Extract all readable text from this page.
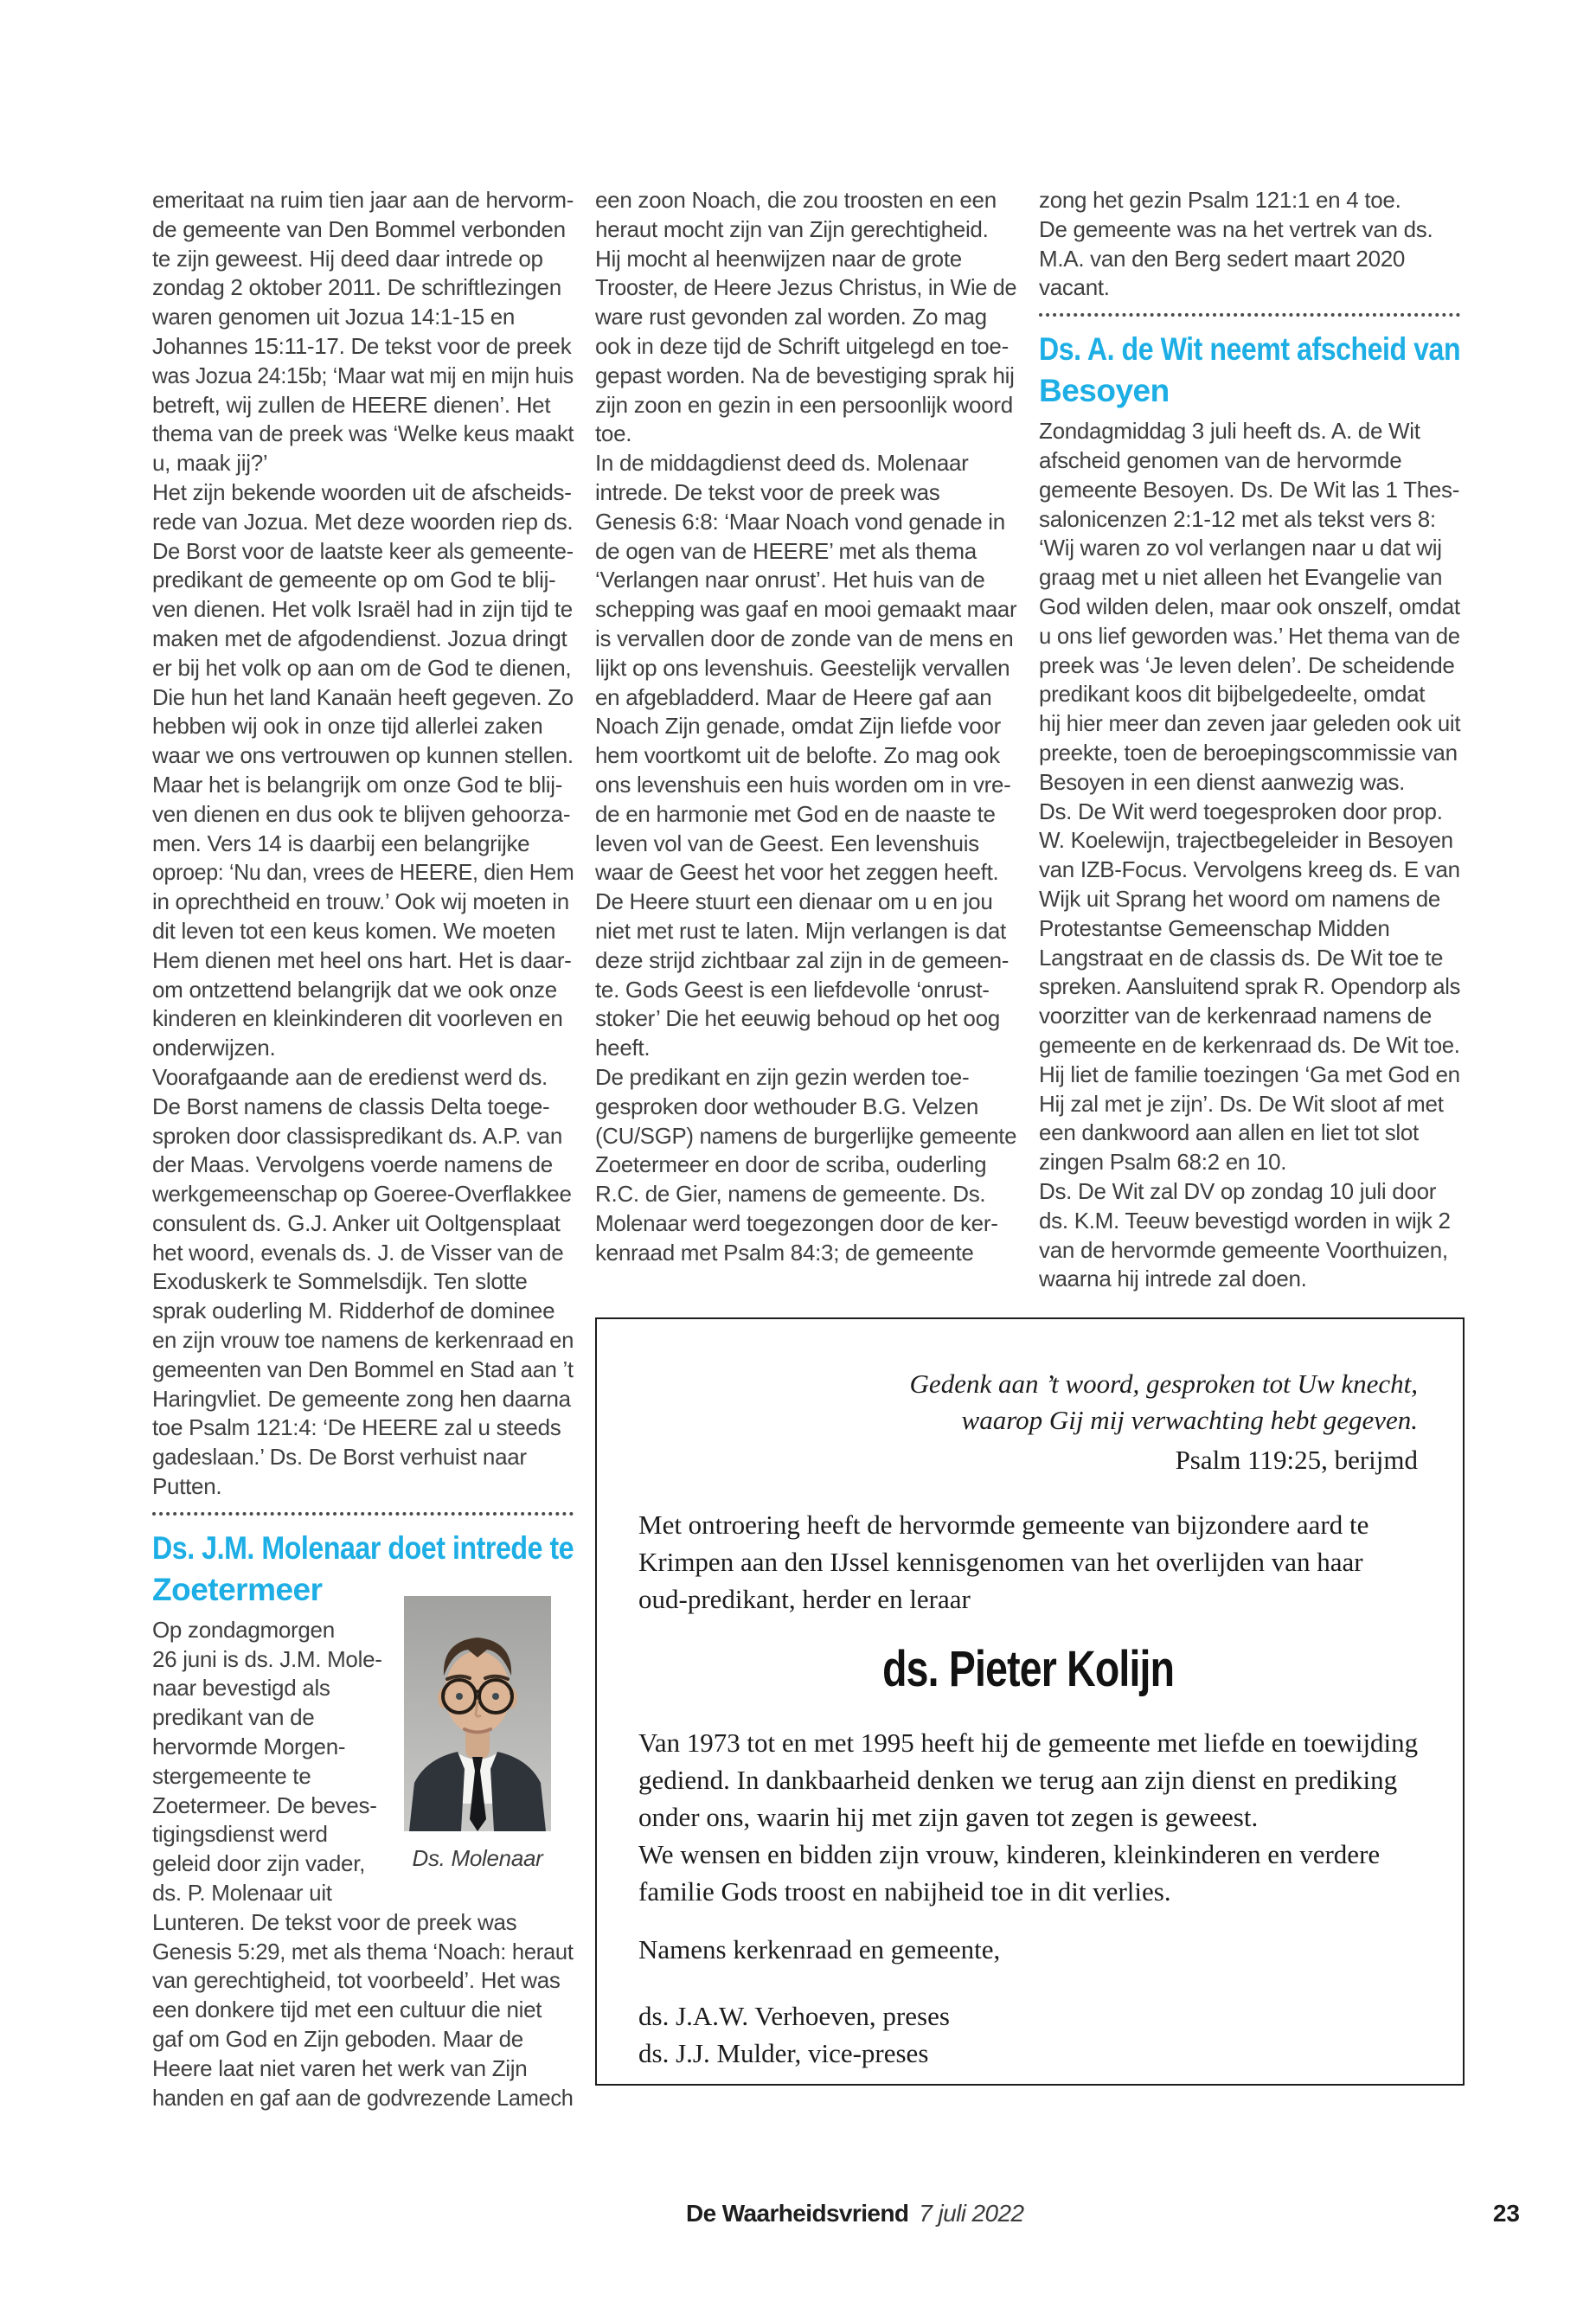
emeritaat na ruim tien jaar aan de hervorm-
de gemeente van Den Bommel verbonden
te zijn geweest. Hij deed daar intrede op
zondag 2 oktober 2011. De schriftlezingen
waren genomen uit Jozua 14:1-15 en
Johannes 15:11-17. De tekst voor de preek
was Jozua 24:15b; ‘Maar wat mij en mijn huis
betreft, wij zullen de HEERE dienen’. Het
thema van de preek was ‘Welke keus maakt
u, maak jij?’
Het zijn bekende woorden uit de afscheids-
rede van Jozua. Met deze woorden riep ds.
De Borst voor de laatste keer als gemeente-
predikant de gemeente op om God te blij-
ven dienen. Het volk Israël had in zijn tijd te
maken met de afgodendienst. Jozua dringt
er bij het volk op aan om de God te dienen,
Die hun het land Kanaän heeft gegeven. Zo
hebben wij ook in onze tijd allerlei zaken
waar we ons vertrouwen op kunnen stellen.
Maar het is belangrijk om onze God te blij-
ven dienen en dus ook te blijven gehoorza-
men. Vers 14 is daarbij een belangrijke
oproep: ‘Nu dan, vrees de HEERE, dien Hem
in oprechtheid en trouw.’ Ook wij moeten in
dit leven tot een keus komen. We moeten
Hem dienen met heel ons hart. Het is daar-
om ontzettend belangrijk dat we ook onze
kinderen en kleinkinderen dit voorleven en
onderwijzen.
Voorafgaande aan de eredienst werd ds.
De Borst namens de classis Delta toege-
sproken door classispredikant ds. A.P. van
der Maas. Vervolgens voerde namens de
werkgemeenschap op Goeree-Overflakkee
consulent ds. G.J. Anker uit Ooltgensplaat
het woord, evenals ds. J. de Visser van de
Exoduskerk te Sommelsdijk. Ten slotte
sprak ouderling M. Ridderhof de dominee
en zijn vrouw toe namens de kerkenraad en
gemeenten van Den Bommel en Stad aan ’t
Haringvliet. De gemeente zong hen daarna
toe Psalm 121:4: ‘De HEERE zal u steeds
gadeslaan.’ Ds. De Borst verhuist naar
Putten.
Ds. J.M. Molenaar doet intrede te
Zoetermeer
Op zondagmorgen
26 juni is ds. J.M. Mole-
naar bevestigd als
predikant van de
hervormde Morgen-
stergemeente te
Zoetermeer. De beves-
tigingsdienst werd
geleid door zijn vader,
ds. P. Molenaar uit
Lunteren. De tekst voor de preek was
Genesis 5:29, met als thema ‘Noach: heraut
van gerechtigheid, tot voorbeeld’. Het was
een donkere tijd met een cultuur die niet
gaf om God en Zijn geboden. Maar de
Heere laat niet varen het werk van Zijn
handen en gaf aan de godvrezende Lamech
een zoon Noach, die zou troosten en een
heraut mocht zijn van Zijn gerechtigheid.
Hij mocht al heenwijzen naar de grote
Trooster, de Heere Jezus Christus, in Wie de
ware rust gevonden zal worden. Zo mag
ook in deze tijd de Schrift uitgelegd en toe-
gepast worden. Na de bevestiging sprak hij
zijn zoon en gezin in een persoonlijk woord
toe.
In de middagdienst deed ds. Molenaar
intrede. De tekst voor de preek was
Genesis 6:8: ‘Maar Noach vond genade in
de ogen van de HEERE’ met als thema
‘Verlangen naar onrust’. Het huis van de
schepping was gaaf en mooi gemaakt maar
is vervallen door de zonde van de mens en
lijkt op ons levenshuis. Geestelijk vervallen
en afgebladderd. Maar de Heere gaf aan
Noach Zijn genade, omdat Zijn liefde voor
hem voortkomt uit de belofte. Zo mag ook
ons levenshuis een huis worden om in vre-
de en harmonie met God en de naaste te
leven vol van de Geest. Een levenshuis
waar de Geest het voor het zeggen heeft.
De Heere stuurt een dienaar om u en jou
niet met rust te laten. Mijn verlangen is dat
deze strijd zichtbaar zal zijn in de gemeen-
te. Gods Geest is een liefdevolle ‘onrust-
stoker’ Die het eeuwig behoud op het oog
heeft.
De predikant en zijn gezin werden toe-
gesproken door wethouder B.G. Velzen
(CU/SGP) namens de burgerlijke gemeente
Zoetermeer en door de scriba, ouderling
R.C. de Gier, namens de gemeente. Ds.
Molenaar werd toegezongen door de ker-
kenraad met Psalm 84:3; de gemeente
zong het gezin Psalm 121:1 en 4 toe.
De gemeente was na het vertrek van ds.
M.A. van den Berg sedert maart 2020
vacant.
Ds. A. de Wit neemt afscheid van
Besoyen
Zondagmiddag 3 juli heeft ds. A. de Wit
afscheid genomen van de hervormde
gemeente Besoyen. Ds. De Wit las 1 Thes-
salonicenzen 2:1-12 met als tekst vers 8:
‘Wij waren zo vol verlangen naar u dat wij
graag met u niet alleen het Evangelie van
God wilden delen, maar ook onszelf, omdat
u ons lief geworden was.’ Het thema van de
preek was ‘Je leven delen’. De scheidende
predikant koos dit bijbelgedeelte, omdat
hij hier meer dan zeven jaar geleden ook uit
preekte, toen de beroepingscommissie van
Besoyen in een dienst aanwezig was.
Ds. De Wit werd toegesproken door prop.
W. Koelewijn, trajectbegeleider in Besoyen
van IZB-Focus. Vervolgens kreeg ds. E van
Wijk uit Sprang het woord om namens de
Protestantse Gemeenschap Midden
Langstraat en de classis ds. De Wit toe te
spreken. Aansluitend sprak R. Opendorp als
voorzitter van de kerkenraad namens de
gemeente en de kerkenraad ds. De Wit toe.
Hij liet de familie toezingen ‘Ga met God en
Hij zal met je zijn’. Ds. De Wit sloot af met
een dankwoord aan allen en liet tot slot
zingen Psalm 68:2 en 10.
Ds. De Wit zal DV op zondag 10 juli door
ds. K.M. Teeuw bevestigd worden in wijk 2
van de hervormde gemeente Voorthuizen,
waarna hij intrede zal doen.
Ds. Molenaar
Gedenk aan ’t woord, gesproken tot Uw knecht,
waarop Gij mij verwachting hebt gegeven.
Psalm 119:25, berijmd
Met ontroering heeft de hervormde gemeente van bijzondere aard te
Krimpen aan den IJssel kennisgenomen van het overlijden van haar
oud-predikant, herder en leraar
ds. Pieter Kolijn
Van 1973 tot en met 1995 heeft hij de gemeente met liefde en toewijding
gediend. In dankbaarheid denken we terug aan zijn dienst en prediking
onder ons, waarin hij met zijn gaven tot zegen is geweest.
We wensen en bidden zijn vrouw, kinderen, kleinkinderen en verdere
familie Gods troost en nabijheid toe in dit verlies.
Namens kerkenraad en gemeente,
ds. J.A.W. Verhoeven, preses
ds. J.J. Mulder, vice-preses
De Waarheidsvriend 7 juli 2022	23
